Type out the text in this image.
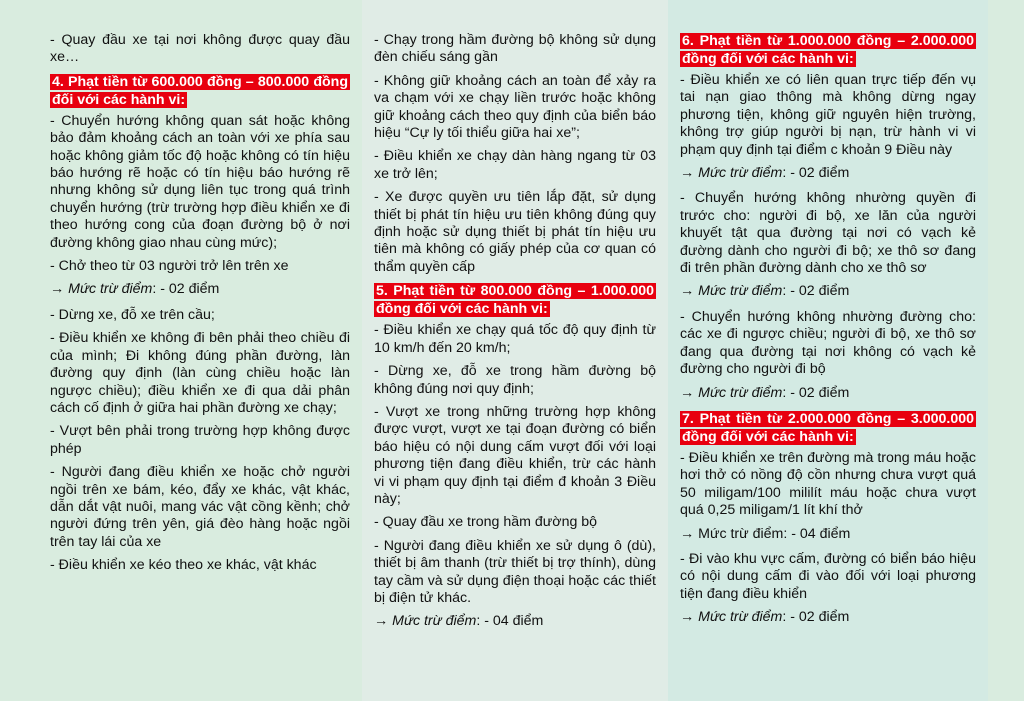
- Quay đầu xe tại nơi không được quay đầu xe…

4. Phạt tiền từ 600.000 đồng – 800.000 đồng đối với các hành vi:

- Chuyển hướng không quan sát hoặc không bảo đảm khoảng cách an toàn với xe phía sau hoặc không giảm tốc độ hoặc không có tín hiệu báo hướng rẽ hoặc có tín hiệu báo hướng rẽ nhưng không sử dụng liên tục trong quá trình chuyển hướng (trừ trường hợp điều khiển xe đi theo hướng cong của đoạn đường bộ ở nơi đường không giao nhau cùng mức);

- Chở theo từ 03 người trở lên trên xe

→ Mức trừ điểm: - 02 điểm

- Dừng xe, đỗ xe trên cầu;

- Điều khiển xe không đi bên phải theo chiều đi của mình; Đi không đúng phần đường, làn đường quy định (làn cùng chiều hoặc làn ngược chiều); điều khiển xe đi qua dải phân cách cố định ở giữa hai phần đường xe chạy;

- Vượt bên phải trong trường hợp không được phép

- Người đang điều khiển xe hoặc chở người ngồi trên xe bám, kéo, đẩy xe khác, vật khác, dẫn dắt vật nuôi, mang vác vật cồng kềnh; chở người đứng trên yên, giá đèo hàng hoặc ngồi trên tay lái của xe

- Điều khiển xe kéo theo xe khác, vật khác

- Chạy trong hầm đường bộ không sử dụng đèn chiếu sáng gần

- Không giữ khoảng cách an toàn để xảy ra va chạm với xe chạy liền trước hoặc không giữ khoảng cách theo quy định của biển báo hiệu “Cự ly tối thiểu giữa hai xe”;

- Điều khiển xe chạy dàn hàng ngang từ 03 xe trở lên;

- Xe được quyền ưu tiên lắp đặt, sử dụng thiết bị phát tín hiệu ưu tiên không đúng quy định hoặc sử dụng thiết bị phát tín hiệu ưu tiên mà không có giấy phép của cơ quan có thẩm quyền cấp

5. Phạt tiền từ 800.000 đồng – 1.000.000 đồng đối với các hành vi:

- Điều khiển xe chạy quá tốc độ quy định từ 10 km/h đến 20 km/h;

- Dừng xe, đỗ xe trong hầm đường bộ không đúng nơi quy định;

- Vượt xe trong những trường hợp không được vượt, vượt xe tại đoạn đường có biển báo hiệu có nội dung cấm vượt đối với loại phương tiện đang điều khiển, trừ các hành vi vi phạm quy định tại điểm đ khoản 3 Điều này;

- Quay đầu xe trong hầm đường bộ

- Người đang điều khiển xe sử dụng ô (dù), thiết bị âm thanh (trừ thiết bị trợ thính), dùng tay cầm và sử dụng điện thoại hoặc các thiết bị điện tử khác.

→ Mức trừ điểm: - 04 điểm

6. Phạt tiền từ 1.000.000 đồng – 2.000.000 đồng đối với các hành vi:

- Điều khiển xe có liên quan trực tiếp đến vụ tai nạn giao thông mà không dừng ngay phương tiện, không giữ nguyên hiện trường, không trợ giúp người bị nạn, trừ hành vi vi phạm quy định tại điểm c khoản 9 Điều này

→ Mức trừ điểm: - 02 điểm

- Chuyển hướng không nhường quyền đi trước cho: người đi bộ, xe lăn của người khuyết tật qua đường tại nơi có vạch kẻ đường dành cho người đi bộ; xe thô sơ đang đi trên phần đường dành cho xe thô sơ

→ Mức trừ điểm: - 02 điểm

- Chuyển hướng không nhường đường cho: các xe đi ngược chiều; người đi bộ, xe thô sơ đang qua đường tại nơi không có vạch kẻ đường cho người đi bộ

→ Mức trừ điểm: - 02 điểm

7. Phạt tiền từ 2.000.000 đồng – 3.000.000 đồng đối với các hành vi:

- Điều khiển xe trên đường mà trong máu hoặc hơi thở có nồng độ cồn nhưng chưa vượt quá 50 miligam/100 mililít máu hoặc chưa vượt quá 0,25 miligam/1 lít khí thở

→ Mức trừ điểm: - 04 điểm

- Đi vào khu vực cấm, đường có biển báo hiệu có nội dung cấm đi vào đối với loại phương tiện đang điều khiển

→ Mức trừ điểm: - 02 điểm
